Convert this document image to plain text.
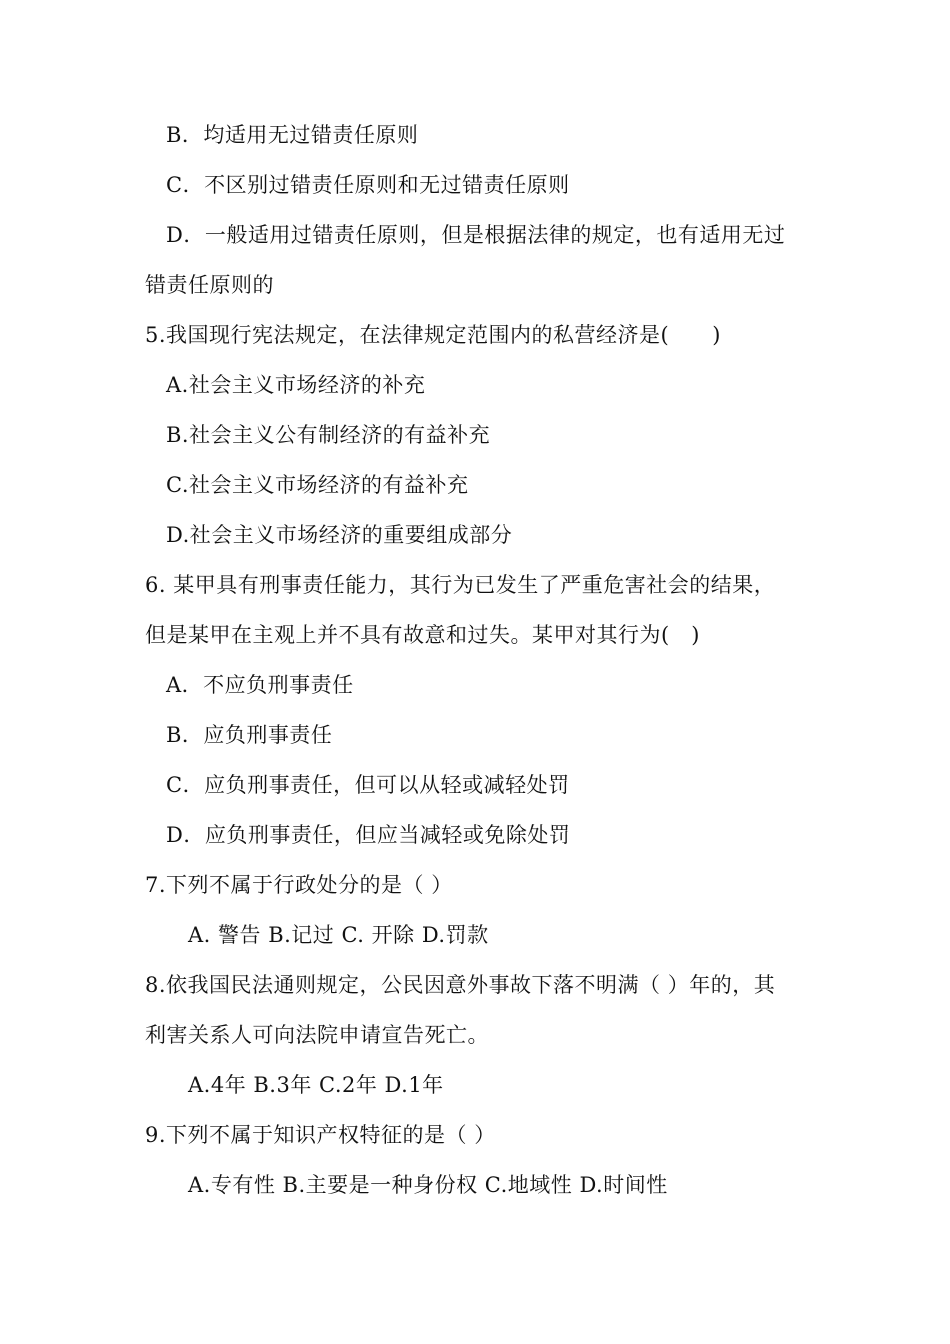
B．均适用无过错责任原则
C．不区别过错责任原则和无过错责任原则
D．一般适用过错责任原则，但是根据法律的规定，也有适用无过
错责任原则的
5.我国现行宪法规定，在法律规定范围内的私营经济是(　　)
A.社会主义市场经济的补充
B.社会主义公有制经济的有益补充
C.社会主义市场经济的有益补充
D.社会主义市场经济的重要组成部分
6. 某甲具有刑事责任能力，其行为已发生了严重危害社会的结果，
但是某甲在主观上并不具有故意和过失。某甲对其行为(　)
A．不应负刑事责任
B．应负刑事责任
C．应负刑事责任，但可以从轻或减轻处罚
D．应负刑事责任，但应当减轻或免除处罚
7.下列不属于行政处分的是（ ）
A. 警告 B.记过 C. 开除 D.罚款
8.依我国民法通则规定，公民因意外事故下落不明满（ ）年的，其
利害关系人可向法院申请宣告死亡。
A.4年 B.3年 C.2年 D.1年
9.下列不属于知识产权特征的是（ ）
A.专有性 B.主要是一种身份权 C.地域性 D.时间性
